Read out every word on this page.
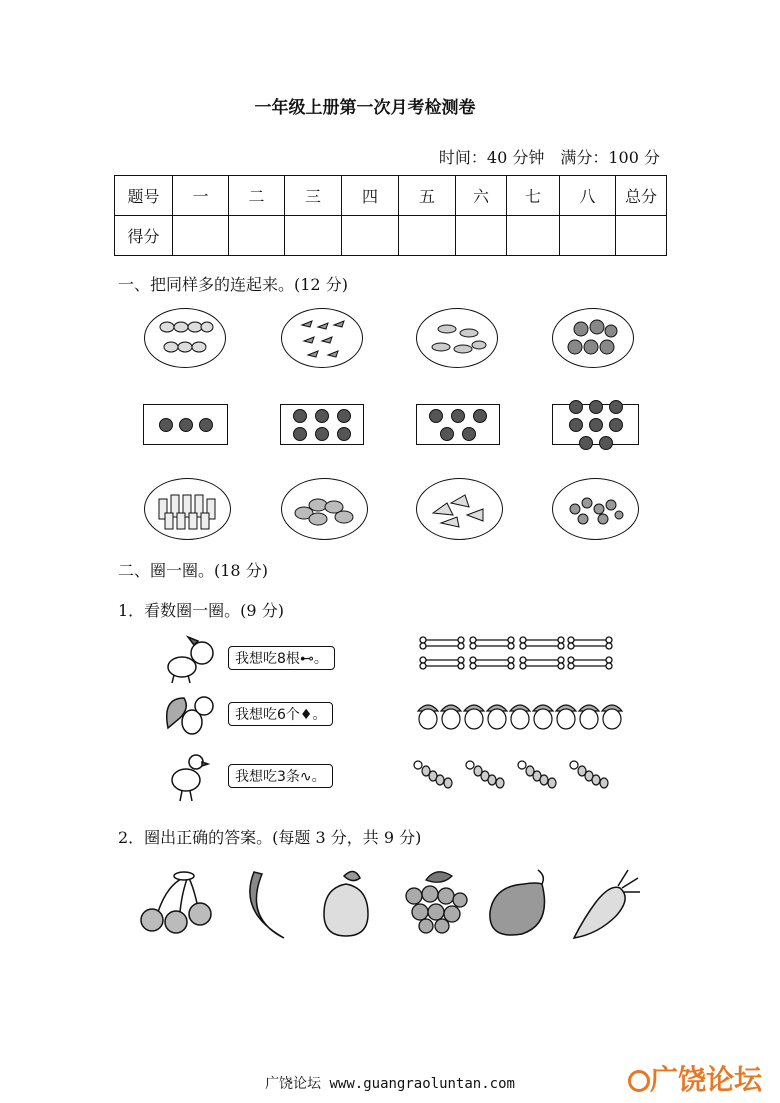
一年级上册第一次月考检测卷
时间：40 分钟　满分：100 分
题号	一	二	三	四	五	六	七	八	总分
得分									
一、把同样多的连起来。(12 分)
二、圈一圈。(18 分)
1．看数圈一圈。(9 分)
我想吃8根⊷。
我想吃6个♦。
我想吃3条∿。
2．圈出正确的答案。(每题 3 分，共 9 分)
广饶论坛 www.guangraoluntan.com	广饶论坛
